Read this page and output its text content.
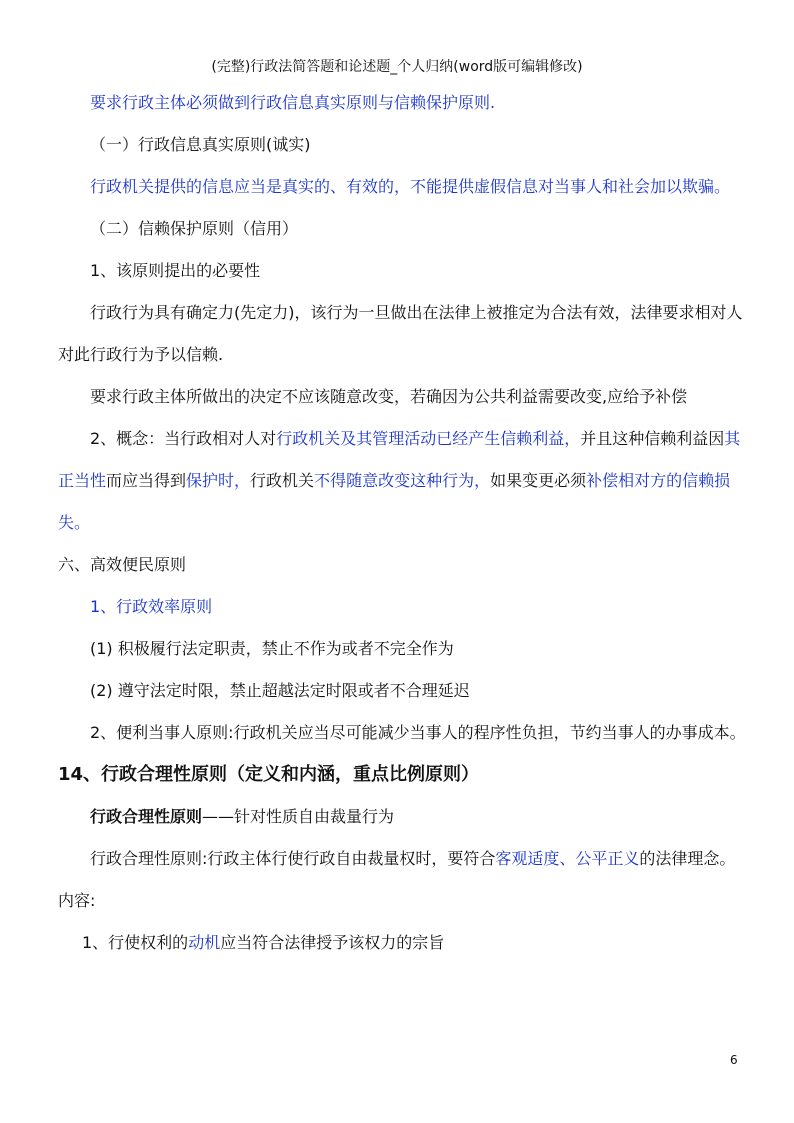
(完整)行政法简答题和论述题_个人归纳(word版可编辑修改)

要求行政主体必须做到行政信息真实原则与信赖保护原则.

（一）行政信息真实原则(诚实)

行政机关提供的信息应当是真实的、有效的，不能提供虚假信息对当事人和社会加以欺骗。

（二）信赖保护原则（信用）

1、该原则提出的必要性

行政行为具有确定力(先定力)，该行为一旦做出在法律上被推定为合法有效，法律要求相对人对此行政行为予以信赖.

要求行政主体所做出的决定不应该随意改变，若确因为公共利益需要改变,应给予补偿

2、概念：当行政相对人对行政机关及其管理活动已经产生信赖利益，并且这种信赖利益因其正当性而应当得到保护时，行政机关不得随意改变这种行为，如果变更必须补偿相对方的信赖损失。

六、高效便民原则

1、行政效率原则

(1) 积极履行法定职责，禁止不作为或者不完全作为

(2) 遵守法定时限，禁止超越法定时限或者不合理延迟

2、便利当事人原则:行政机关应当尽可能减少当事人的程序性负担，节约当事人的办事成本。

14、行政合理性原则（定义和内涵，重点比例原则）

行政合理性原则——针对性质自由裁量行为

行政合理性原则:行政主体行使行政自由裁量权时，要符合客观适度、公平正义的法律理念。

内容:

1、行使权利的动机应当符合法律授予该权力的宗旨

6
